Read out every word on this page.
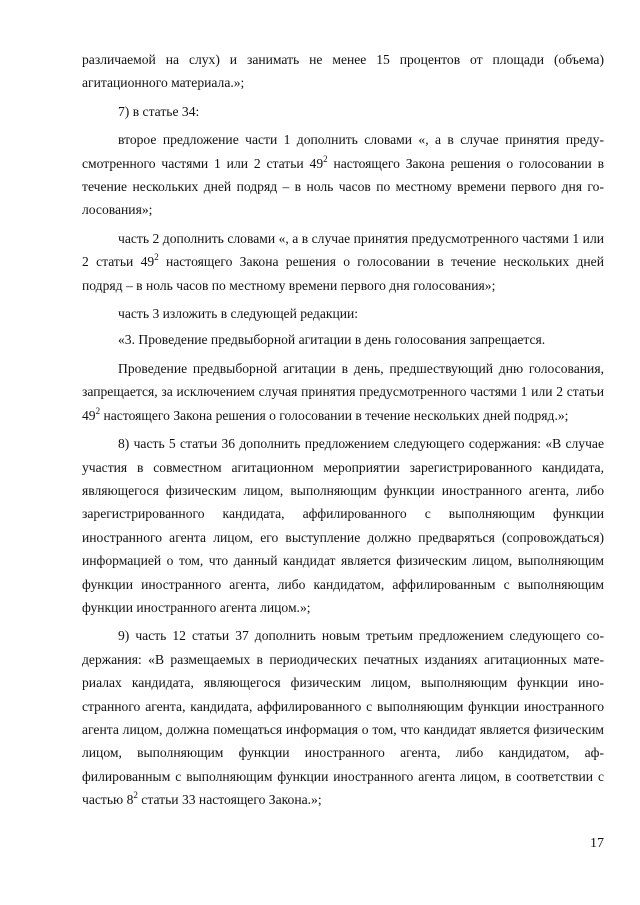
различаемой на слух) и занимать не менее 15 процентов от площади (объема) агитационного материала.»;

7) в статье 34:

второе предложение части 1 дополнить словами «, а в случае принятия предусмотренного частями 1 или 2 статьи $49^2$ настоящего Закона решения о голосовании в течение нескольких дней подряд – в ноль часов по местному времени первого дня голосования»;

часть 2 дополнить словами «, а в случае принятия предусмотренного частями 1 или 2 статьи $49^2$ настоящего Закона решения о голосовании в течение нескольких дней подряд – в ноль часов по местному времени первого дня голосования»;

часть 3 изложить в следующей редакции:

«3. Проведение предвыборной агитации в день голосования запрещается.

Проведение предвыборной агитации в день, предшествующий дню голосования, запрещается, за исключением случая принятия предусмотренного частями 1 или 2 статьи $49^2$ настоящего Закона решения о голосовании в течение нескольких дней подряд.»;

8) часть 5 статьи 36 дополнить предложением следующего содержания: «В случае участия в совместном агитационном мероприятии зарегистрированного кандидата, являющегося физическим лицом, выполняющим функции иностранного агента, либо зарегистрированного кандидата, аффилированного с выполняющим функции иностранного агента лицом, его выступление должно предваряться (сопровождаться) информацией о том, что данный кандидат является физическим лицом, выполняющим функции иностранного агента, либо кандидатом, аффилированным с выполняющим функции иностранного агента лицом.»;

9) часть 12 статьи 37 дополнить новым третьим предложением следующего содержания: «В размещаемых в периодических печатных изданиях агитационных материалах кандидата, являющегося физическим лицом, выполняющим функции иностранного агента, кандидата, аффилированного с выполняющим функции иностранного агента лицом, должна помещаться информация о том, что кандидат является физическим лицом, выполняющим функции иностранного агента, либо кандидатом, аффилированным с выполняющим функции иностранного агента лицом, в соответствии с частью $8^2$ статьи 33 настоящего Закона.»;

17
